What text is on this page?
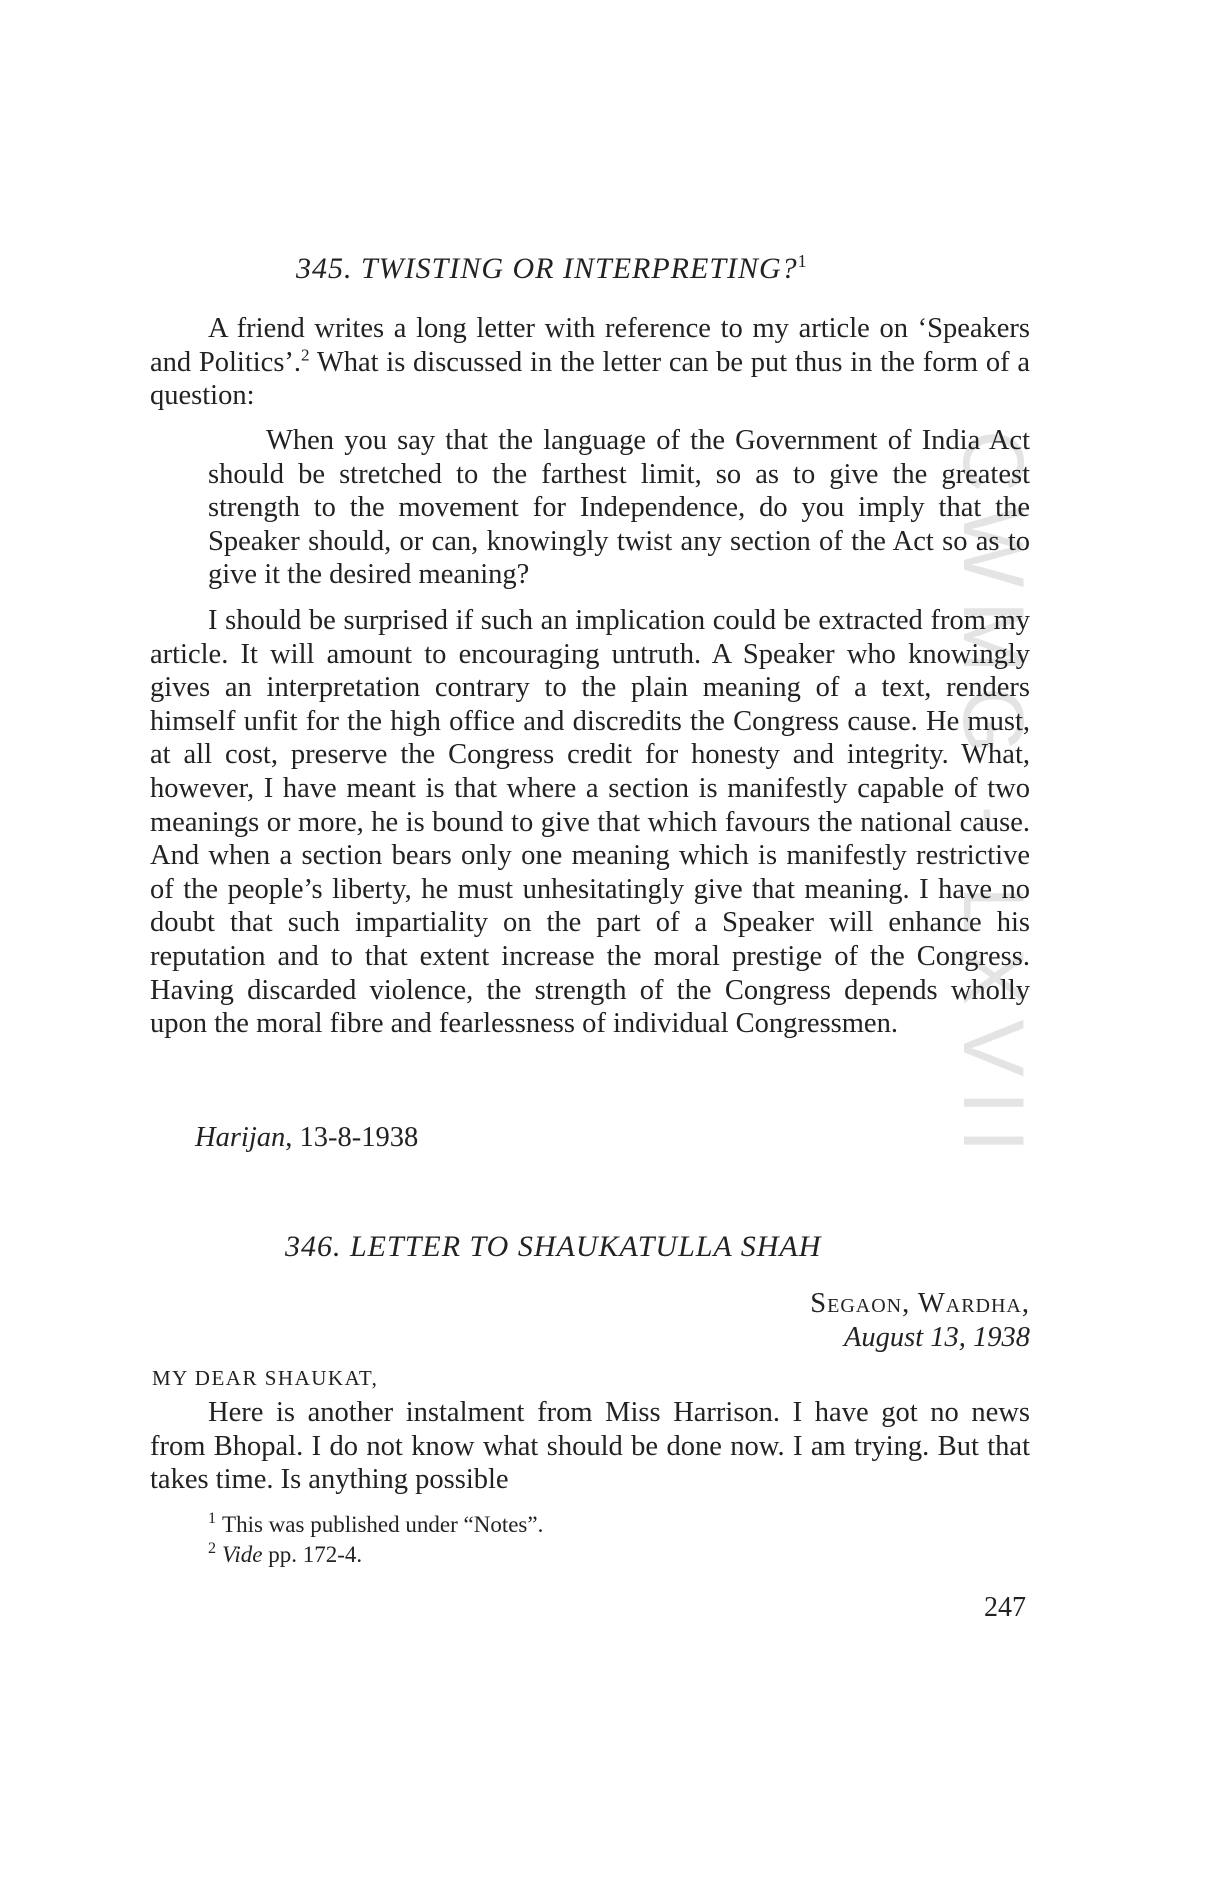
CWMG - LXVII
345. TWISTING OR INTERPRETING?$^1$

A friend writes a long letter with reference to my article on ‘Speakers and Politics’.$^2$ What is discussed in the letter can be put thus in the form of a question:

When you say that the language of the Government of India Act should be stretched to the farthest limit, so as to give the greatest strength to the movement for Independence, do you imply that the Speaker should, or can, knowingly twist any section of the Act so as to give it the desired meaning?

I should be surprised if such an implication could be extracted from my article. It will amount to encouraging untruth. A Speaker who knowingly gives an interpretation contrary to the plain meaning of a text, renders himself unfit for the high office and discredits the Congress cause. He must, at all cost, preserve the Congress credit for honesty and integrity. What, however, I have meant is that where a section is manifestly capable of two meanings or more, he is bound to give that which favours the national cause. And when a section bears only one meaning which is manifestly restrictive of the people’s liberty, he must unhesitatingly give that meaning. I have no doubt that such impartiality on the part of a Speaker will enhance his reputation and to that extent increase the moral prestige of the Congress. Having discarded violence, the strength of the Congress depends wholly upon the moral fibre and fearlessness of individual Congressmen.

Harijan, 13-8-1938
346. LETTER TO SHAUKATULLA SHAH
Segaon, Wardha,
August 13, 1938
MY DEAR SHAUKAT,

Here is another instalment from Miss Harrison. I have got no news from Bhopal. I do not know what should be done now. I am trying. But that takes time. Is anything possible

$^1$ This was published under “Notes”.
$^2$ Vide pp. 172-4.
247
